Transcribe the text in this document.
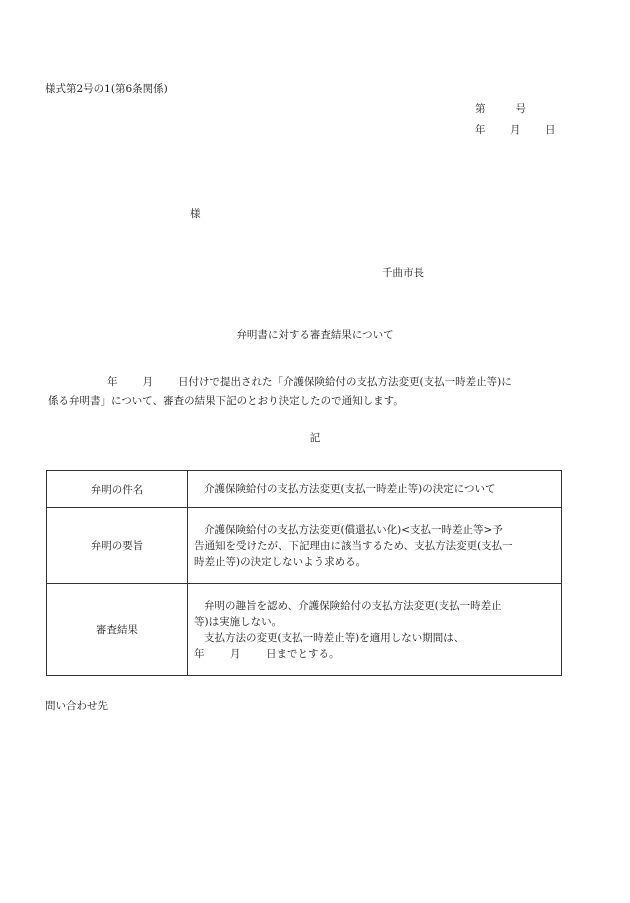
様式第2号の1(第6条関係)
第	号
年 月 日
様
千曲市長
弁明書に対する審査結果について
年 月 日付けで提出された「介護保険給付の支払方法変更(支払一時差止等)に
係る弁明書」について、審査の結果下記のとおり決定したので通知します。
記
弁明の件名	介護保険給付の支払方法変更(支払一時差止等)の決定について

弁明の要旨	介護保険給付の支払方法変更(償還払い化)<支払一時差止等>予
告通知を受けたが、下記理由に該当するため、支払方法変更(支払一
時差止等)の決定しないよう求める。

審査結果	弁明の趣旨を認め、介護保険給付の支払方法変更(支払一時差止
等)は実施しない。
支払方法の変更(支払一時差止等)を適用しない期間は、
年 月 日までとする。
問い合わせ先
